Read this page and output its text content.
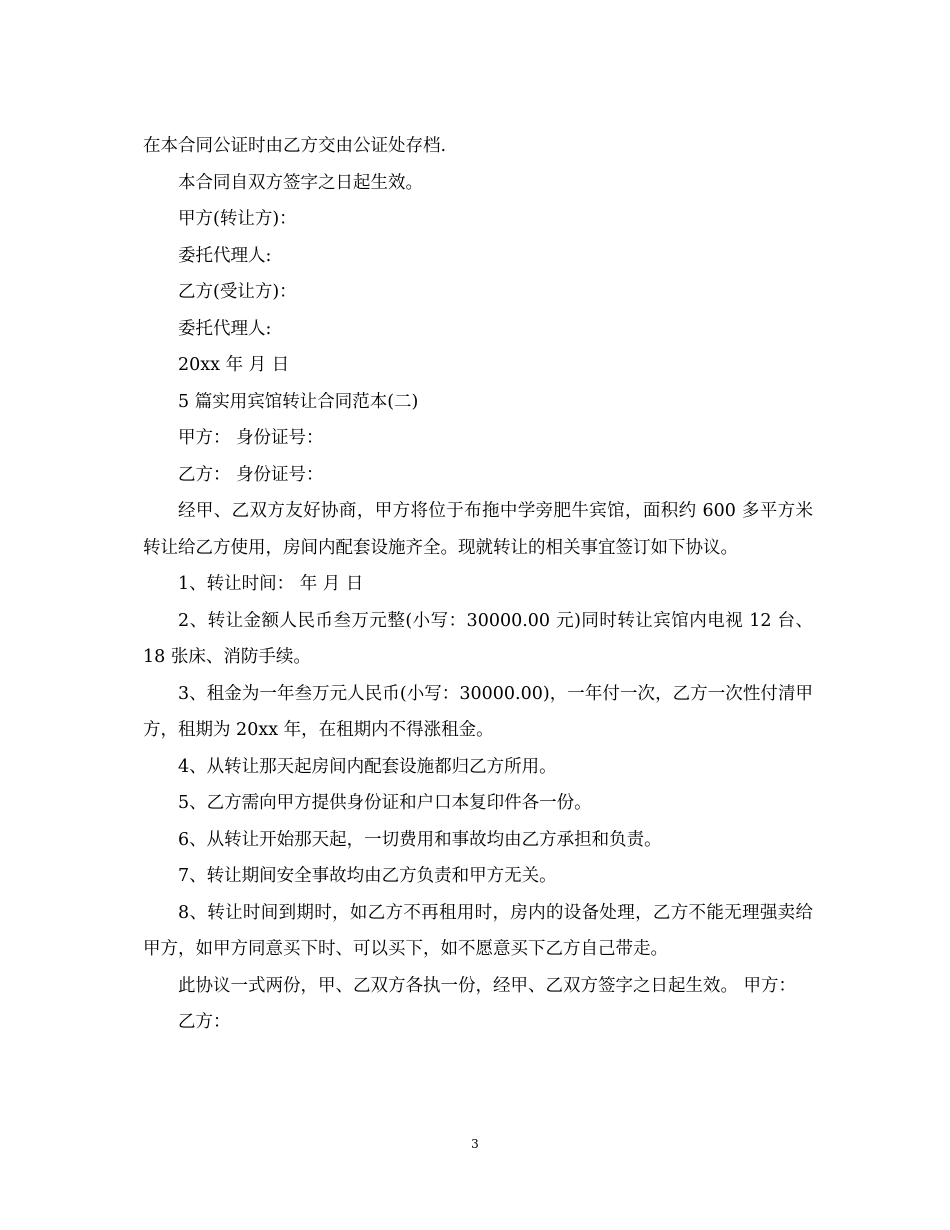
在本合同公证时由乙方交由公证处存档.

本合同自双方签字之日起生效。

甲方(转让方)：

委托代理人:

乙方(受让方)：

委托代理人:

20xx 年 月 日

5 篇实用宾馆转让合同范本(二)

甲方： 身份证号：

乙方： 身份证号：

经甲、乙双方友好协商，甲方将位于布拖中学旁肥牛宾馆，面积约 600 多平方米转让给乙方使用，房间内配套设施齐全。现就转让的相关事宜签订如下协议。

1、转让时间： 年 月 日

2、转让金额人民币叁万元整(小写：30000.00 元)同时转让宾馆内电视 12 台、18 张床、消防手续。

3、租金为一年叁万元人民币(小写：30000.00)，一年付一次，乙方一次性付清甲方，租期为 20xx 年，在租期内不得涨租金。

4、从转让那天起房间内配套设施都归乙方所用。

5、乙方需向甲方提供身份证和户口本复印件各一份。

6、从转让开始那天起，一切费用和事故均由乙方承担和负责。

7、转让期间安全事故均由乙方负责和甲方无关。

8、转让时间到期时，如乙方不再租用时，房内的设备处理，乙方不能无理强卖给甲方，如甲方同意买下时、可以买下，如不愿意买下乙方自己带走。

此协议一式两份，甲、乙双方各执一份，经甲、乙双方签字之日起生效。 甲方：

乙方：

3
